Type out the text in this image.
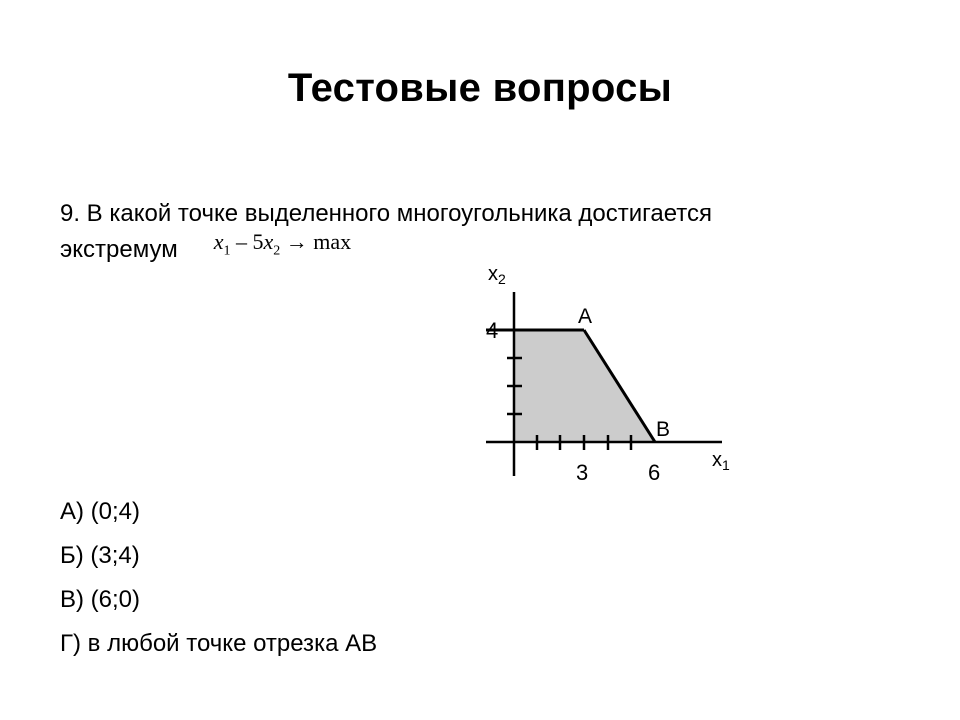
Тестовые вопросы
9. В какой точке выделенного многоугольника достигается
экстремум $x_1 - 5x_2 \to \max$
$x_2$
4
A
B
3	6	$x_1$
А) (0;4)
Б) (3;4)
В) (6;0)
Г) в любой точке отрезка AB
